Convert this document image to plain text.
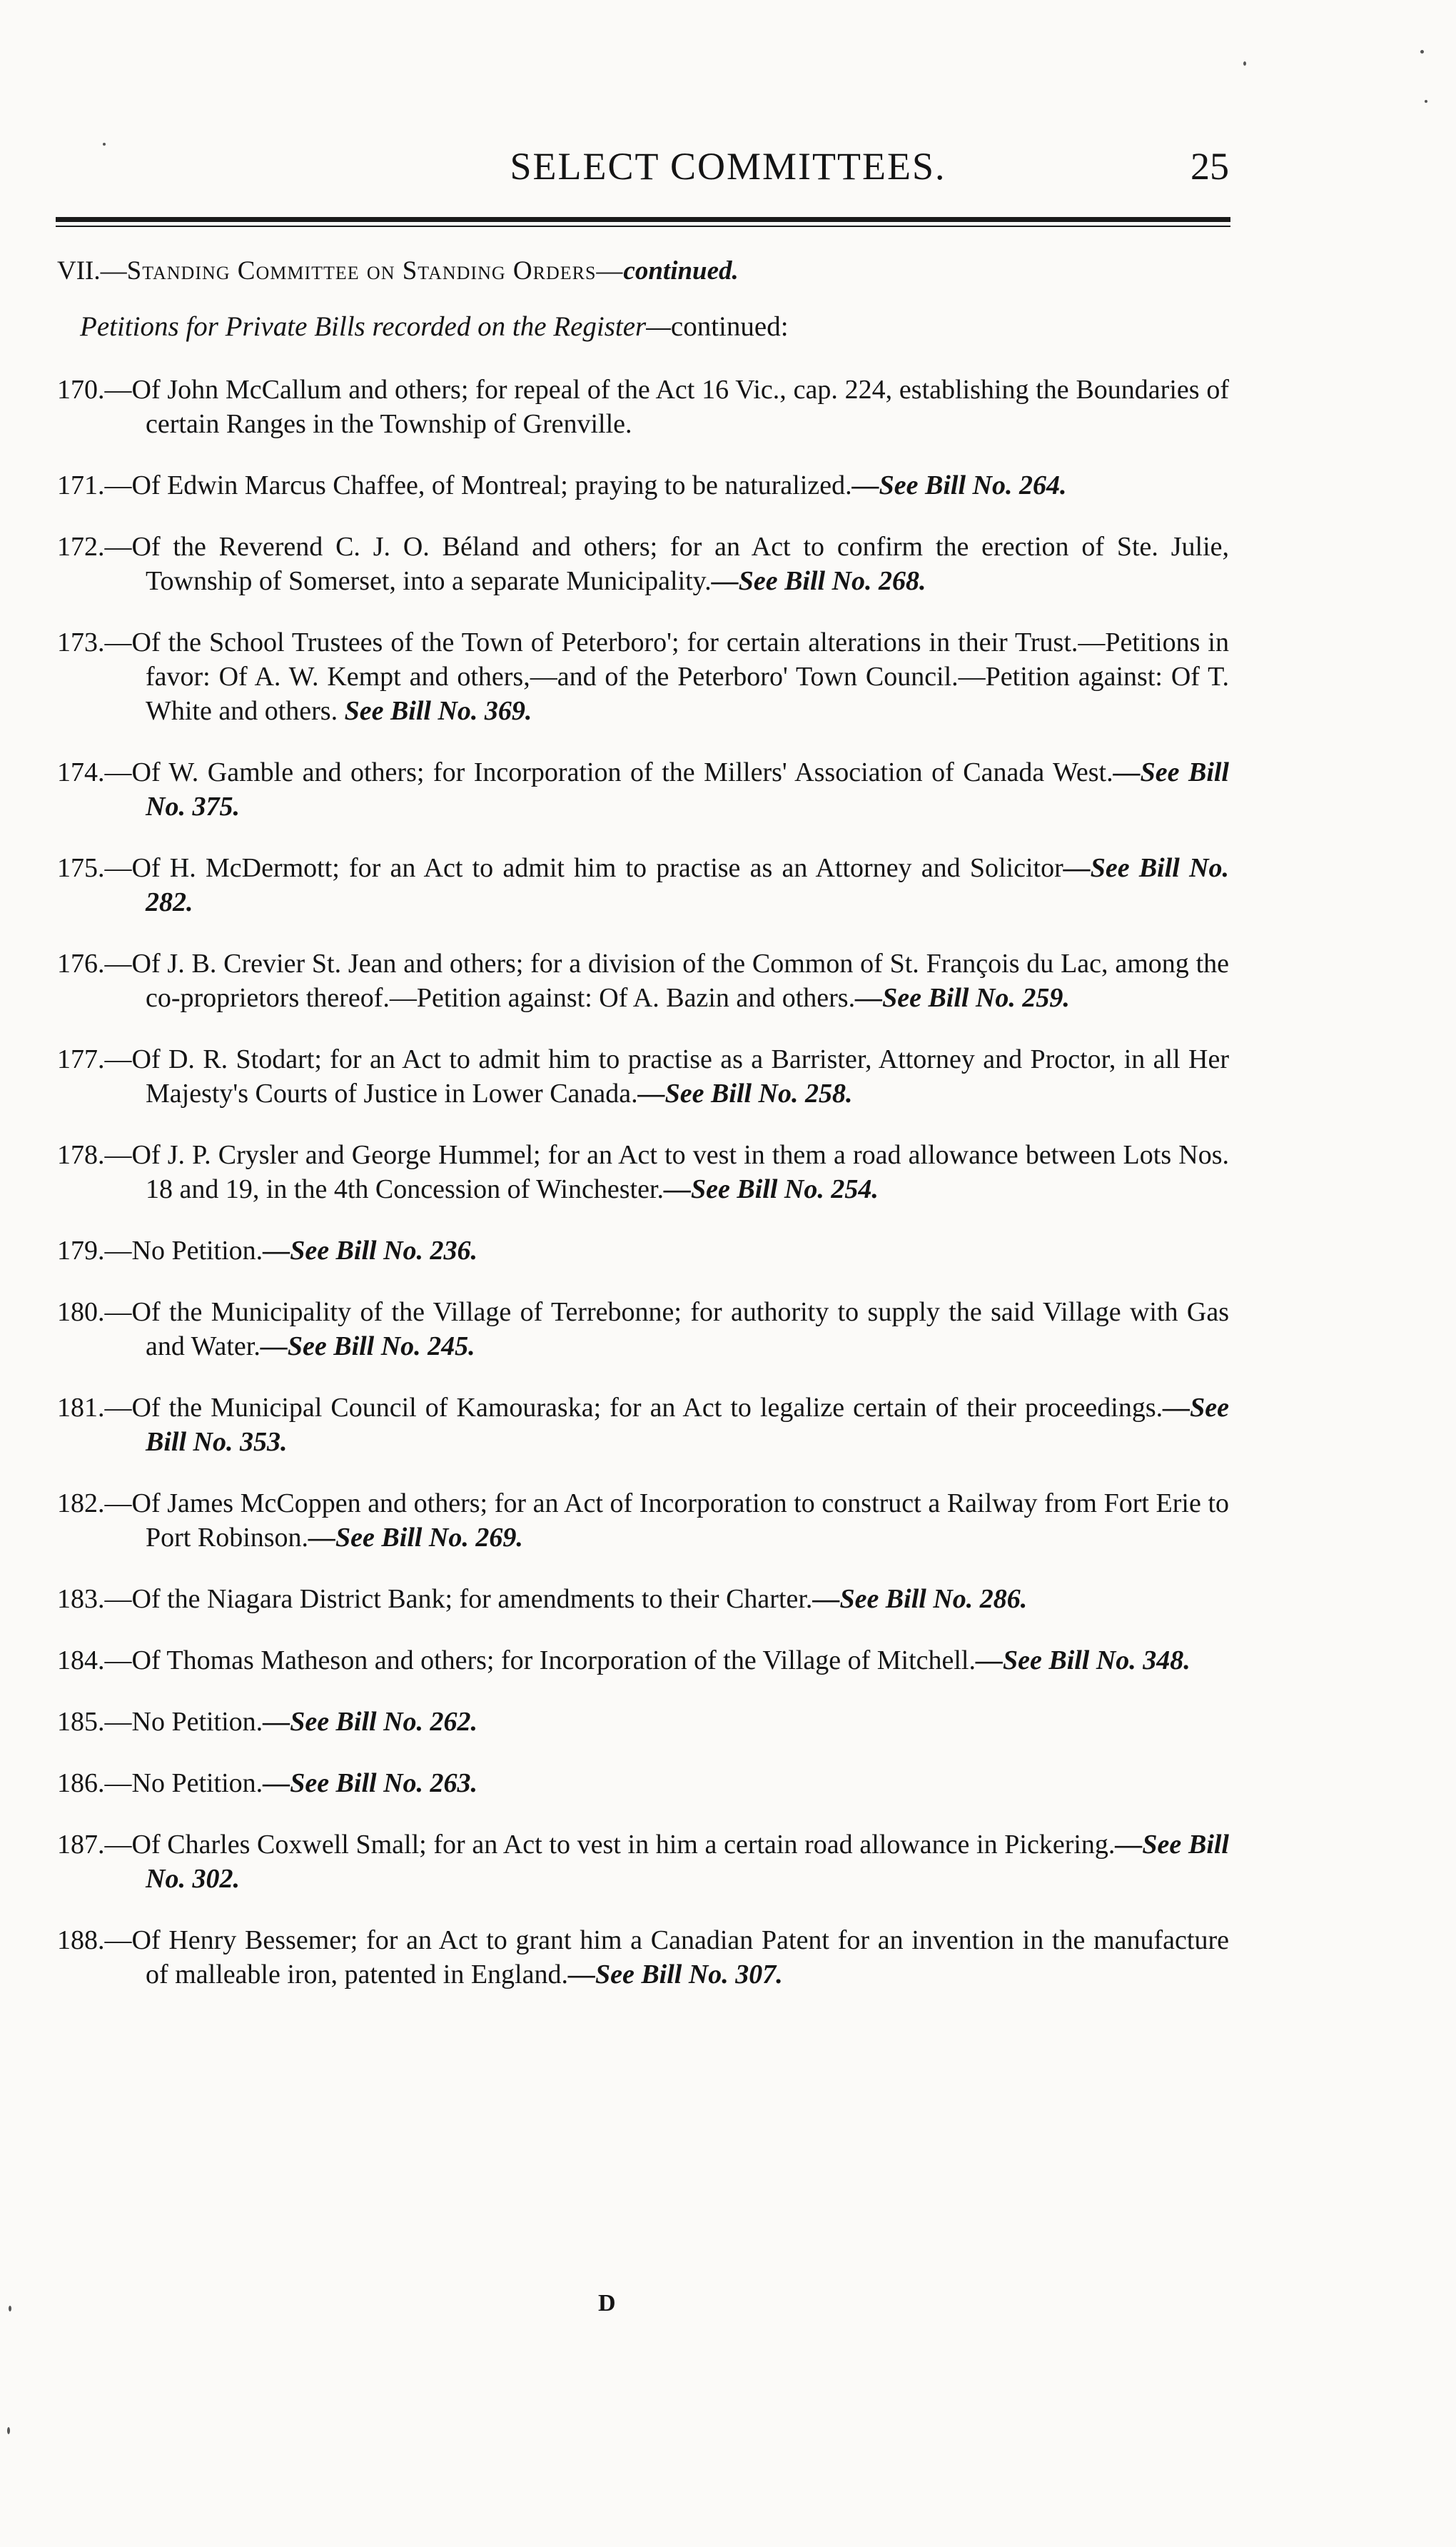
SELECT COMMITTEES.	25
VII.—Standing Committee on Standing Orders—continued.
Petitions for Private Bills recorded on the Register—continued:
170.—Of John McCallum and others; for repeal of the Act 16 Vic., cap. 224, establishing the Boundaries of certain Ranges in the Township of Grenville.
171.—Of Edwin Marcus Chaffee, of Montreal; praying to be naturalized.—See Bill No. 264.
172.—Of the Reverend C. J. O. Béland and others; for an Act to confirm the erection of Ste. Julie, Township of Somerset, into a separate Municipality.—See Bill No. 268.
173.—Of the School Trustees of the Town of Peterboro'; for certain alterations in their Trust.—Petitions in favor: Of A. W. Kempt and others,—and of the Peterboro' Town Council.—Petition against: Of T. White and others. See Bill No. 369.
174.—Of W. Gamble and others; for Incorporation of the Millers' Association of Canada West.—See Bill No. 375.
175.—Of H. McDermott; for an Act to admit him to practise as an Attorney and Solicitor—See Bill No. 282.
176.—Of J. B. Crevier St. Jean and others; for a division of the Common of St. François du Lac, among the co-proprietors thereof.—Petition against: Of A. Bazin and others.—See Bill No. 259.
177.—Of D. R. Stodart; for an Act to admit him to practise as a Barrister, Attorney and Proctor, in all Her Majesty's Courts of Justice in Lower Canada.—See Bill No. 258.
178.—Of J. P. Crysler and George Hummel; for an Act to vest in them a road allowance between Lots Nos. 18 and 19, in the 4th Concession of Winchester.—See Bill No. 254.
179.—No Petition.—See Bill No. 236.
180.—Of the Municipality of the Village of Terrebonne; for authority to supply the said Village with Gas and Water.—See Bill No. 245.
181.—Of the Municipal Council of Kamouraska; for an Act to legalize certain of their proceedings.—See Bill No. 353.
182.—Of James McCoppen and others; for an Act of Incorporation to construct a Railway from Fort Erie to Port Robinson.—See Bill No. 269.
183.—Of the Niagara District Bank; for amendments to their Charter.—See Bill No. 286.
184.—Of Thomas Matheson and others; for Incorporation of the Village of Mitchell.—See Bill No. 348.
185.—No Petition.—See Bill No. 262.
186.—No Petition.—See Bill No. 263.
187.—Of Charles Coxwell Small; for an Act to vest in him a certain road allowance in Pickering.—See Bill No. 302.
188.—Of Henry Bessemer; for an Act to grant him a Canadian Patent for an invention in the manufacture of malleable iron, patented in England.—See Bill No. 307.
D
